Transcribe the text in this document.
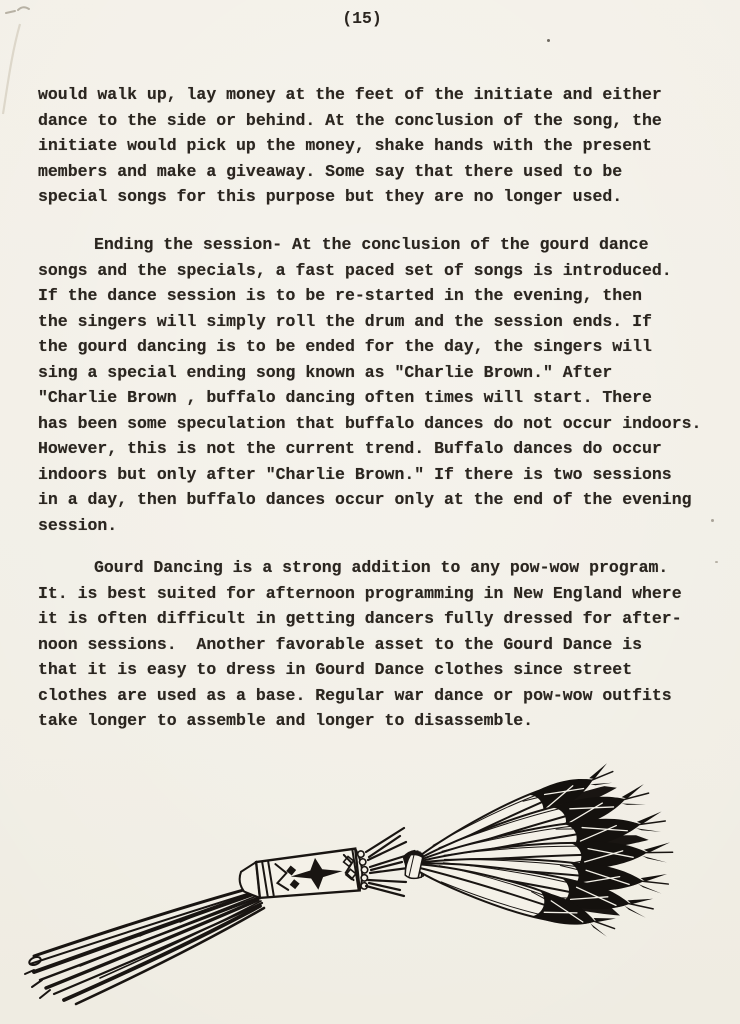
(15)
would walk up, lay money at the feet of the initiate and either
dance to the side or behind. At the conclusion of the song, the
initiate would pick up the money, shake hands with the present
members and make a giveaway. Some say that there used to be
special songs for this purpose but they are no longer used.
Ending the session- At the conclusion of the gourd dance
songs and the specials, a fast paced set of songs is introduced.
If the dance session is to be re-started in the evening, then
the singers will simply roll the drum and the session ends. If
the gourd dancing is to be ended for the day, the singers will
sing a special ending song known as "Charlie Brown." After
"Charlie Brown , buffalo dancing often times will start. There
has been some speculation that buffalo dances do not occur indoors.
However, this is not the current trend. Buffalo dances do occur
indoors but only after "Charlie Brown." If there is two sessions
in a day, then buffalo dances occur only at the end of the evening
session.
Gourd Dancing is a strong addition to any pow-wow program.
It. is best suited for afternoon programming in New England where
it is often difficult in getting dancers fully dressed for after-
noon sessions.  Another favorable asset to the Gourd Dance is
that it is easy to dress in Gourd Dance clothes since street
clothes are used as a base. Regular war dance or pow-wow outfits
take longer to assemble and longer to disassemble.
